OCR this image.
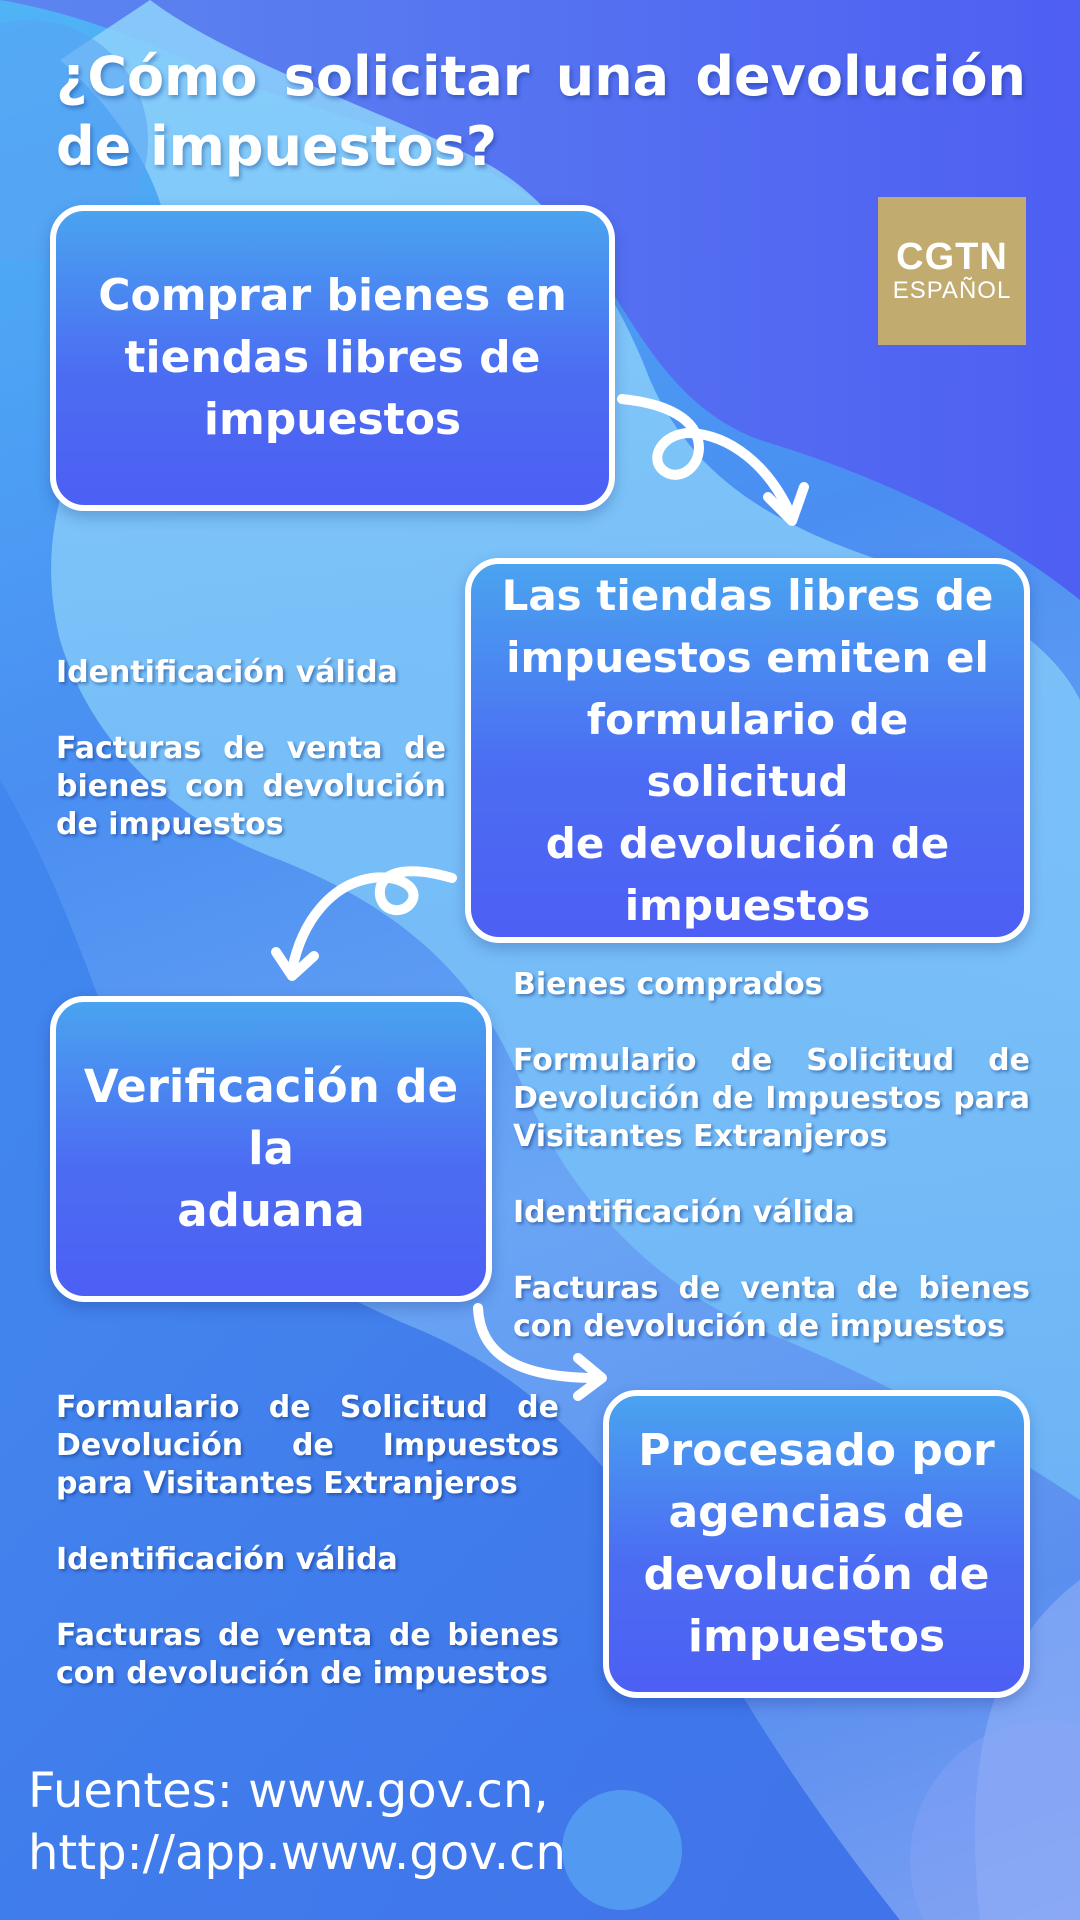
¿Cómo solicitar una devolución de impuestos?
CGTN
ESPAÑOL
Comprar bienes en
tiendas libres de
impuestos
Las tiendas libres de
impuestos emiten el
formulario de solicitud
de devolución de
impuestos
Verificación de la
aduana
Procesado por
agencias de
devolución de
impuestos

Identificación válida

Facturas de venta de bienes con devolución de impuestos

Bienes comprados

Formulario de Solicitud de Devolución de Impuestos para Visitantes Extranjeros

Identificación válida

Facturas de venta de bienes con devolución de impuestos

Formulario de Solicitud de Devolución de Impuestos para Visitantes Extranjeros

Identificación válida

Facturas de venta de bienes con devolución de impuestos

Fuentes: www.gov.cn,
http://app.www.gov.cn
